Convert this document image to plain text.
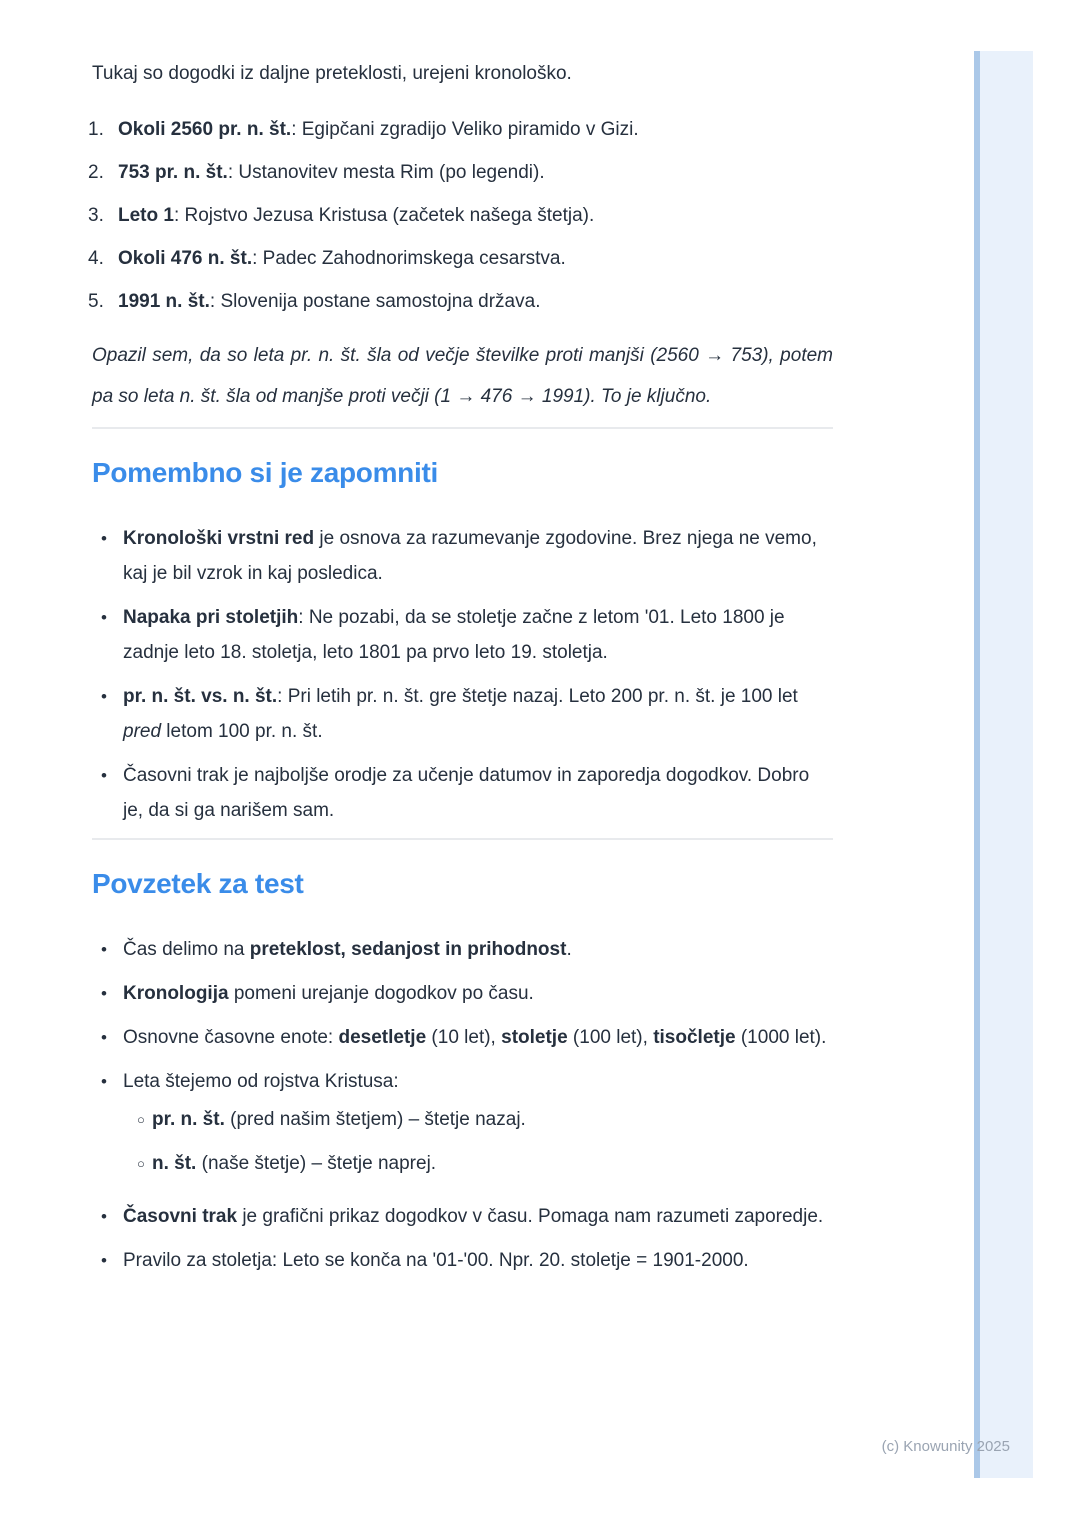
Tukaj so dogodki iz daljne preteklosti, urejeni kronološko.

1. Okoli 2560 pr. n. št.: Egipčani zgradijo Veliko piramido v Gizi.
2. 753 pr. n. št.: Ustanovitev mesta Rim (po legendi).
3. Leto 1: Rojstvo Jezusa Kristusa (začetek našega štetja).
4. Okoli 476 n. št.: Padec Zahodnorimskega cesarstva.
5. 1991 n. št.: Slovenija postane samostojna država.

Opazil sem, da so leta pr. n. št. šla od večje številke proti manjši (2560 → 753), potem pa so leta n. št. šla od manjše proti večji (1 → 476 → 1991). To je ključno.

Pomembno si je zapomniti
• Kronološki vrstni red je osnova za razumevanje zgodovine. Brez njega ne vemo, kaj je bil vzrok in kaj posledica.
• Napaka pri stoletjih: Ne pozabi, da se stoletje začne z letom '01. Leto 1800 je zadnje leto 18. stoletja, leto 1801 pa prvo leto 19. stoletja.
• pr. n. št. vs. n. št.: Pri letih pr. n. št. gre štetje nazaj. Leto 200 pr. n. št. je 100 let pred letom 100 pr. n. št.
• Časovni trak je najboljše orodje za učenje datumov in zaporedja dogodkov. Dobro je, da si ga narišem sam.
Povzetek za test
• Čas delimo na preteklost, sedanjost in prihodnost.
• Kronologija pomeni urejanje dogodkov po času.
• Osnovne časovne enote: desetletje (10 let), stoletje (100 let), tisočletje (1000 let).
• Leta štejemo od rojstva Kristusa:
○ pr. n. št. (pred našim štetjem) – štetje nazaj.
○ n. št. (naše štetje) – štetje naprej.
• Časovni trak je grafični prikaz dogodkov v času. Pomaga nam razumeti zaporedje.
• Pravilo za stoletja: Leto se konča na '01-'00. Npr. 20. stoletje = 1901-2000.
(c) Knowunity 2025
